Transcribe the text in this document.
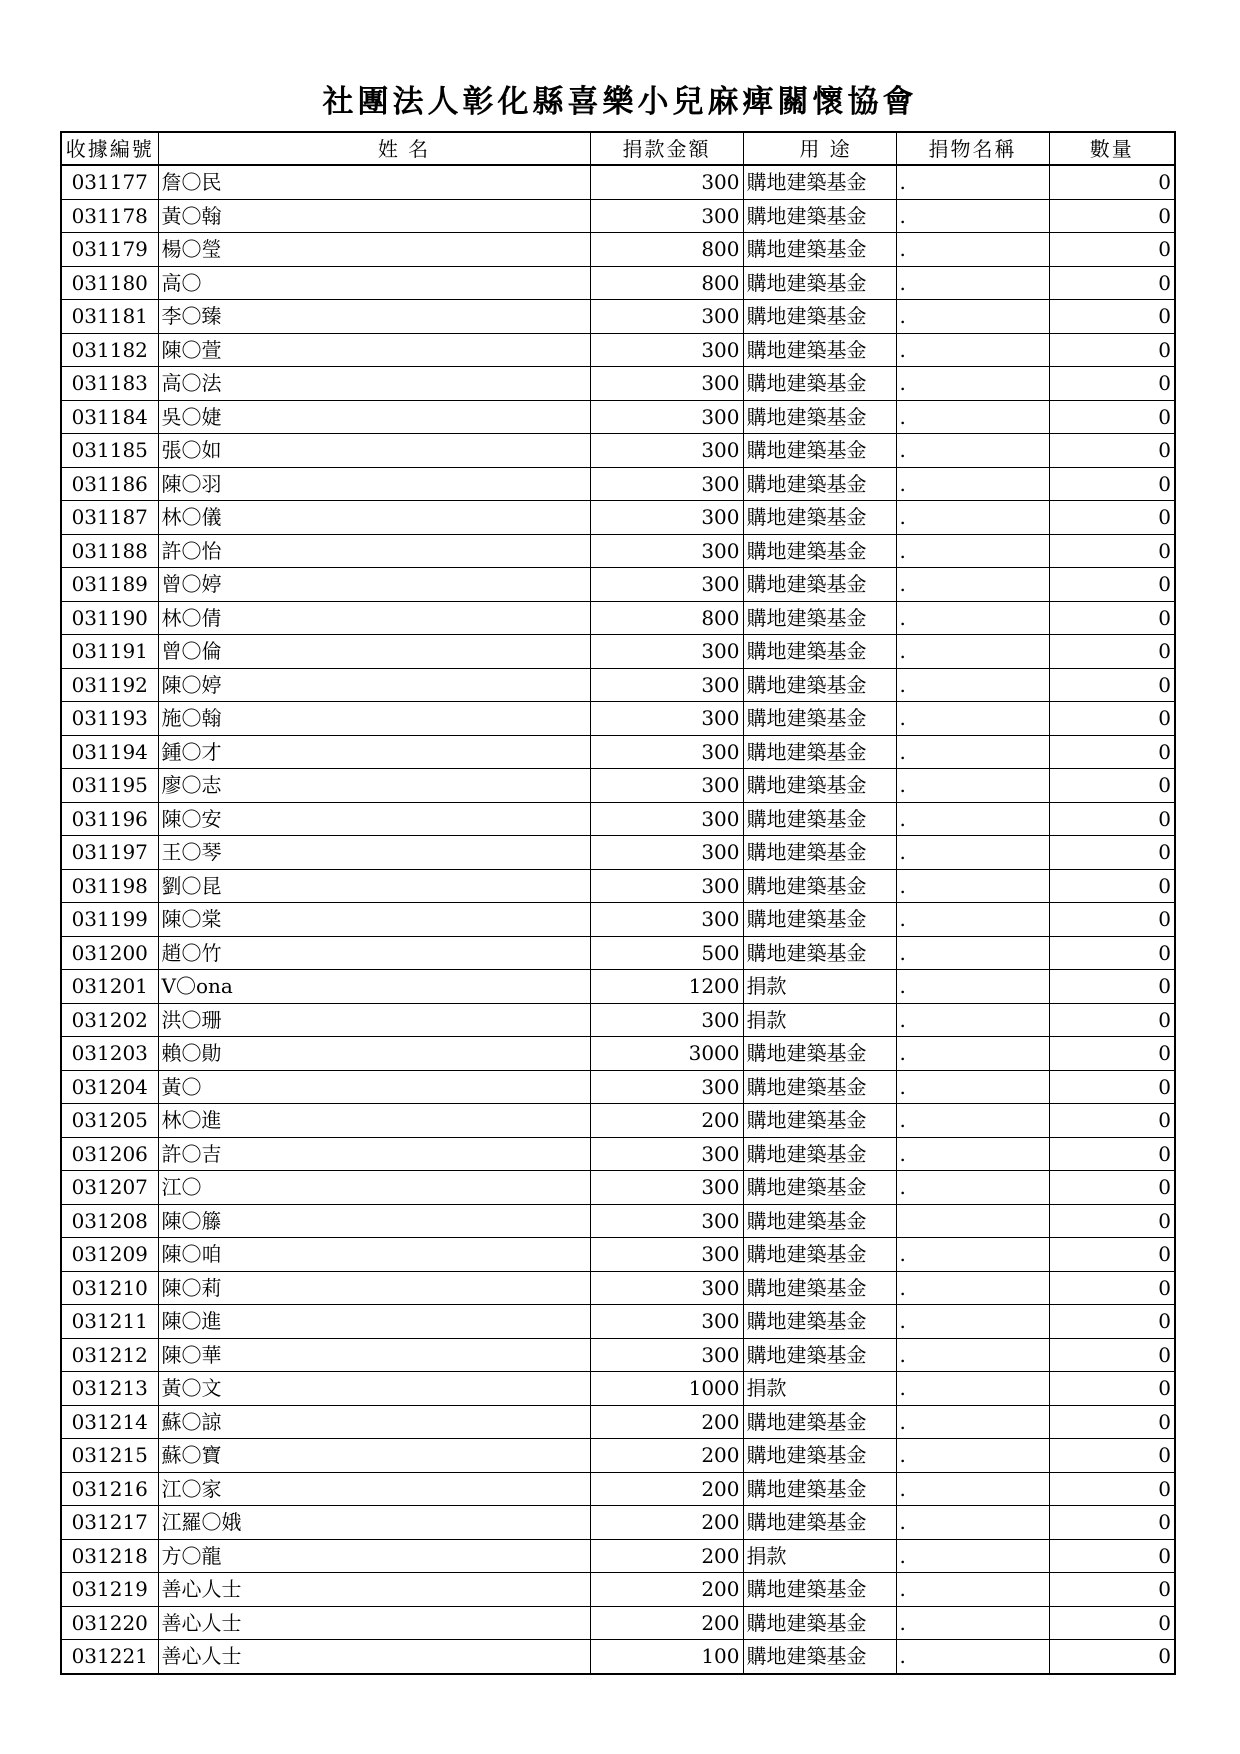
社團法人彰化縣喜樂小兒麻痺關懷協會
收據編號	姓 名	捐款金額	用 途	捐物名稱	數量
031177	詹〇民	300	購地建築基金	.	0
031178	黃〇翰	300	購地建築基金	.	0
031179	楊〇瑩	800	購地建築基金	.	0
031180	高〇	800	購地建築基金	.	0
031181	李〇臻	300	購地建築基金	.	0
031182	陳〇萱	300	購地建築基金	.	0
031183	高〇法	300	購地建築基金	.	0
031184	吳〇婕	300	購地建築基金	.	0
031185	張〇如	300	購地建築基金	.	0
031186	陳〇羽	300	購地建築基金	.	0
031187	林〇儀	300	購地建築基金	.	0
031188	許〇怡	300	購地建築基金	.	0
031189	曾〇婷	300	購地建築基金	.	0
031190	林〇倩	800	購地建築基金	.	0
031191	曾〇倫	300	購地建築基金	.	0
031192	陳〇婷	300	購地建築基金	.	0
031193	施〇翰	300	購地建築基金	.	0
031194	鍾〇才	300	購地建築基金	.	0
031195	廖〇志	300	購地建築基金	.	0
031196	陳〇安	300	購地建築基金	.	0
031197	王〇琴	300	購地建築基金	.	0
031198	劉〇昆	300	購地建築基金	.	0
031199	陳〇棠	300	購地建築基金	.	0
031200	趙〇竹	500	購地建築基金	.	0
031201	V〇ona	1200	捐款	.	0
031202	洪〇珊	300	捐款	.	0
031203	賴〇勛	3000	購地建築基金	.	0
031204	黃〇	300	購地建築基金	.	0
031205	林〇進	200	購地建築基金	.	0
031206	許〇吉	300	購地建築基金	.	0
031207	江〇	300	購地建築基金	.	0
031208	陳〇籐	300	購地建築基金		0
031209	陳〇咱	300	購地建築基金	.	0
031210	陳〇莉	300	購地建築基金	.	0
031211	陳〇進	300	購地建築基金	.	0
031212	陳〇華	300	購地建築基金	.	0
031213	黃〇文	1000	捐款	.	0
031214	蘇〇諒	200	購地建築基金	.	0
031215	蘇〇寶	200	購地建築基金	.	0
031216	江〇家	200	購地建築基金	.	0
031217	江羅〇娥	200	購地建築基金	.	0
031218	方〇龍	200	捐款	.	0
031219	善心人士	200	購地建築基金	.	0
031220	善心人士	200	購地建築基金	.	0
031221	善心人士	100	購地建築基金	.	0
